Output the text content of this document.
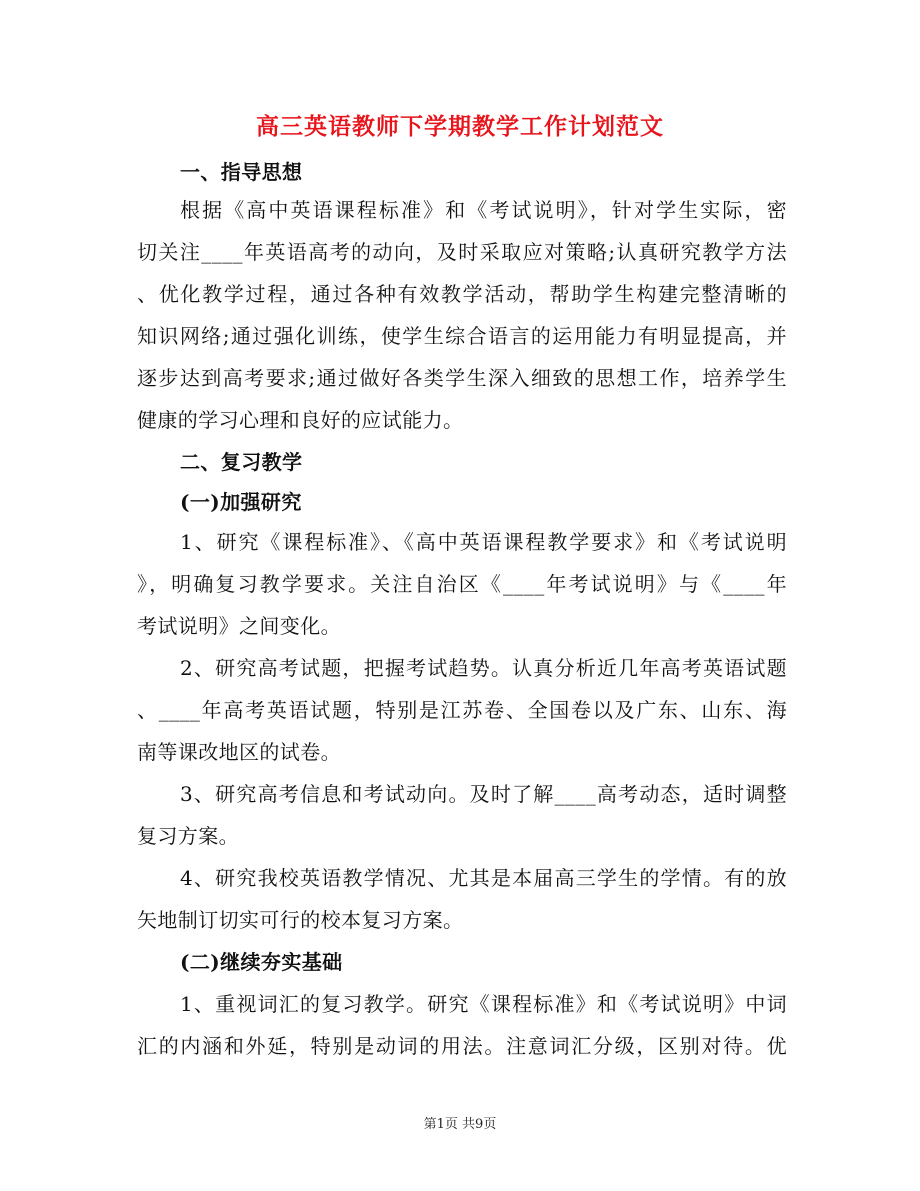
高三英语教师下学期教学工作计划范文
一、指导思想
根据《高中英语课程标准》和《考试说明》，针对学生实际，密
切关注____年英语高考的动向，及时采取应对策略;认真研究教学方法
、优化教学过程，通过各种有效教学活动，帮助学生构建完整清晰的
知识网络;通过强化训练，使学生综合语言的运用能力有明显提高，并
逐步达到高考要求;通过做好各类学生深入细致的思想工作，培养学生
健康的学习心理和良好的应试能力。
二、复习教学
(一)加强研究
1、研究《课程标准》、《高中英语课程教学要求》和《考试说明
》，明确复习教学要求。关注自治区《____年考试说明》与《____年
考试说明》之间变化。
2、研究高考试题，把握考试趋势。认真分析近几年高考英语试题
、____年高考英语试题，特别是江苏卷、全国卷以及广东、山东、海
南等课改地区的试卷。
3、研究高考信息和考试动向。及时了解____高考动态，适时调整
复习方案。
4、研究我校英语教学情况、尤其是本届高三学生的学情。有的放
矢地制订切实可行的校本复习方案。
(二)继续夯实基础
1、重视词汇的复习教学。研究《课程标准》和《考试说明》中词
汇的内涵和外延，特别是动词的用法。注意词汇分级，区别对待。优
第1页 共9页
